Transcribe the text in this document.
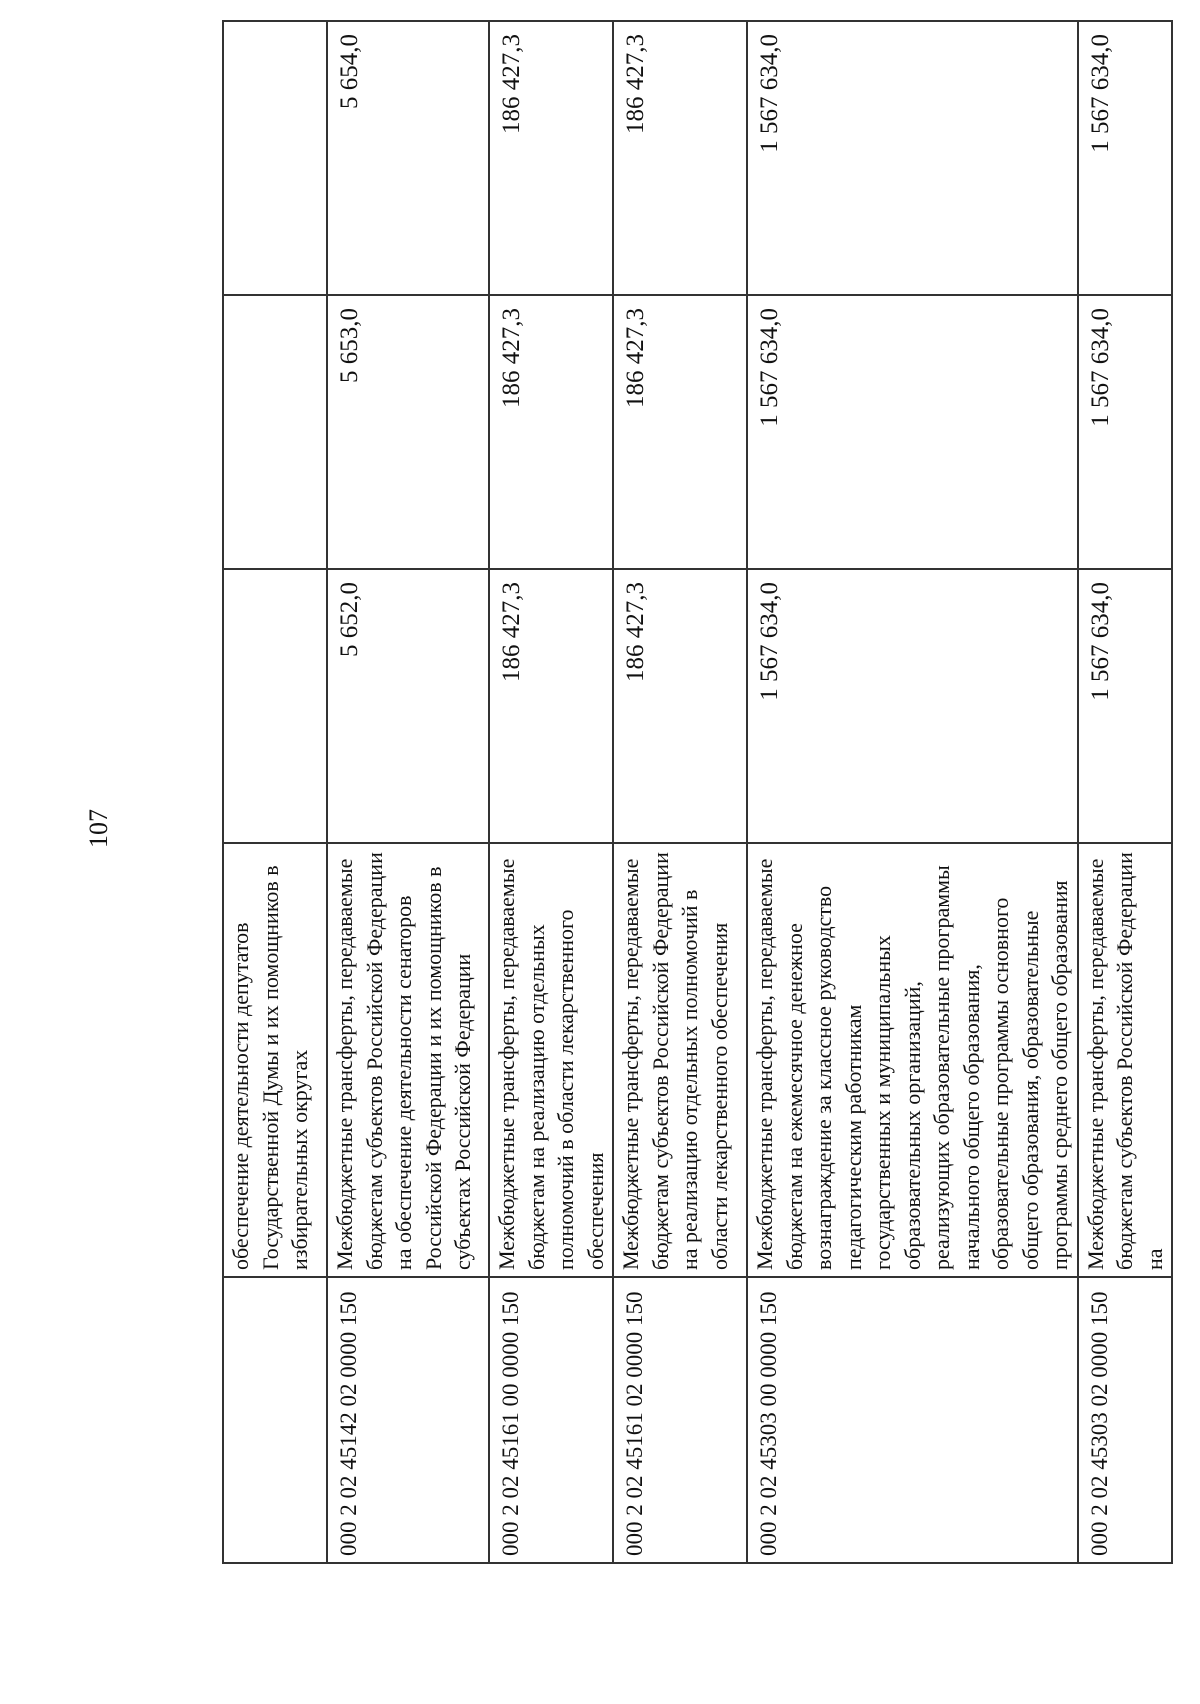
107
	обеспечение деятельности депутатов Государственной Думы и их помощников в избирательных округах			
000 2 02 45142 02 0000 150	Межбюджетные трансферты, передаваемые бюджетам субъектов Российской Федерации на обеспечение деятельности сенаторов Российской Федерации и их помощников в субъектах Российской Федерации	5 652,0	5 653,0	5 654,0
000 2 02 45161 00 0000 150	Межбюджетные трансферты, передаваемые бюджетам на реализацию отдельных полномочий в области лекарственного обеспечения	186 427,3	186 427,3	186 427,3
000 2 02 45161 02 0000 150	Межбюджетные трансферты, передаваемые бюджетам субъектов Российской Федерации на реализацию отдельных полномочий в области лекарственного обеспечения	186 427,3	186 427,3	186 427,3
000 2 02 45303 00 0000 150	Межбюджетные трансферты, передаваемые бюджетам на ежемесячное денежное вознаграждение за классное руководство педагогическим работникам государственных и муниципальных образовательных организаций, реализующих образовательные программы начального общего образования, образовательные программы основного общего образования, образовательные программы среднего общего образования	1 567 634,0	1 567 634,0	1 567 634,0
000 2 02 45303 02 0000 150	Межбюджетные трансферты, передаваемые бюджетам субъектов Российской Федерации на	1 567 634,0	1 567 634,0	1 567 634,0
